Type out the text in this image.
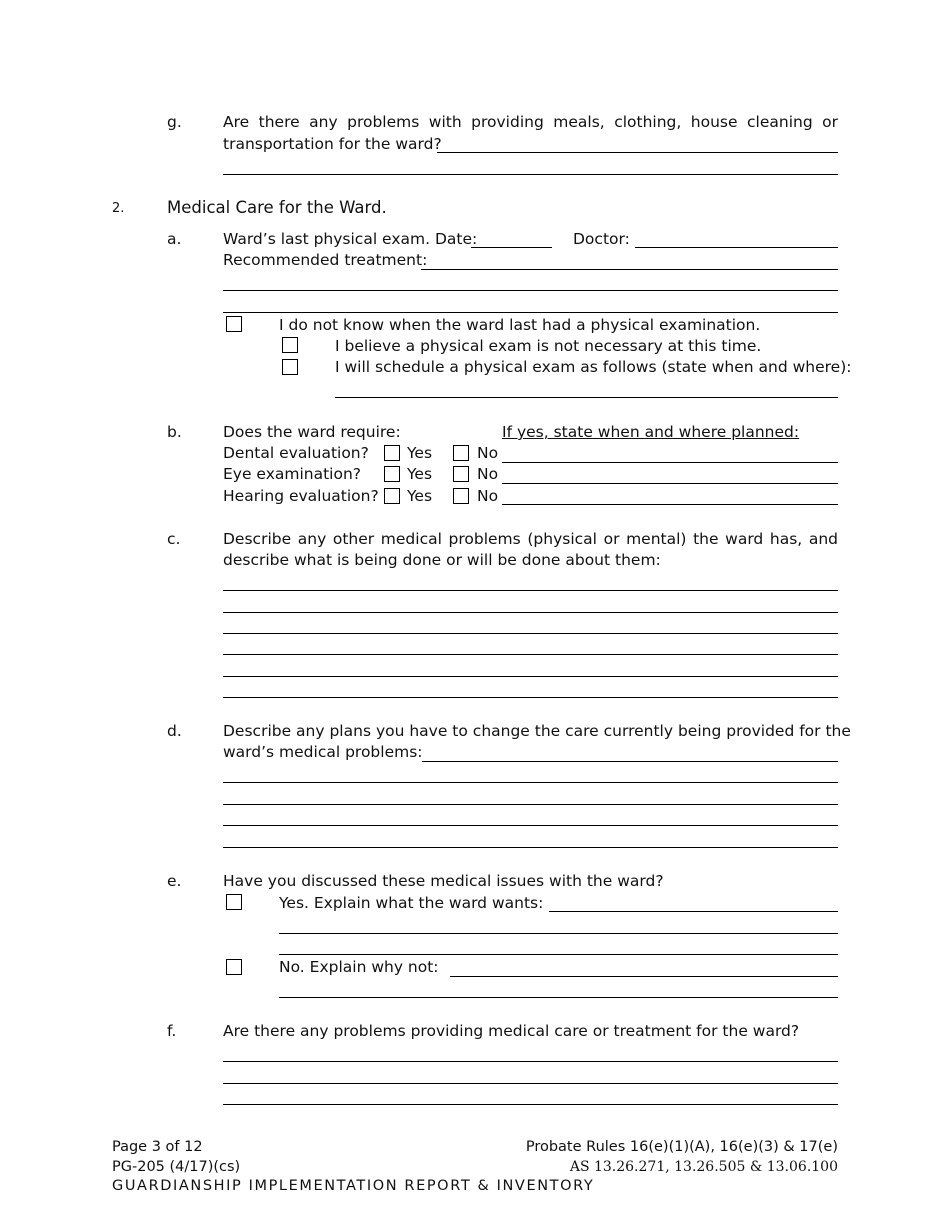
g.	Are there any problems with providing meals, clothing, house cleaning or
transportation for the ward?
2.	Medical Care for the Ward.
a.	Ward’s last physical exam. Date:	Doctor:
Recommended treatment:
I do not know when the ward last had a physical examination.
I believe a physical exam is not necessary at this time.
I will schedule a physical exam as follows (state when and where):
b.	Does the ward require:	If yes, state when and where planned:
Dental evaluation? Yes	No
Eye examination?	Yes	No
Hearing evaluation? Yes	No
c.	Describe any other medical problems (physical or mental) the ward has, and
describe what is being done or will be done about them:
d.	Describe any plans you have to change the care currently being provided for the
ward’s medical problems:
e.	Have you discussed these medical issues with the ward?
Yes. Explain what the ward wants:
No. Explain why not:
f.	Are there any problems providing medical care or treatment for the ward?
Page 3 of 12
PG-205 (4/17)(cs)
GUARDIANSHIP IMPLEMENTATION REPORT & INVENTORY
Probate Rules 16(e)(1)(A), 16(e)(3) & 17(e)
AS 13.26.271, 13.26.505 & 13.06.100
